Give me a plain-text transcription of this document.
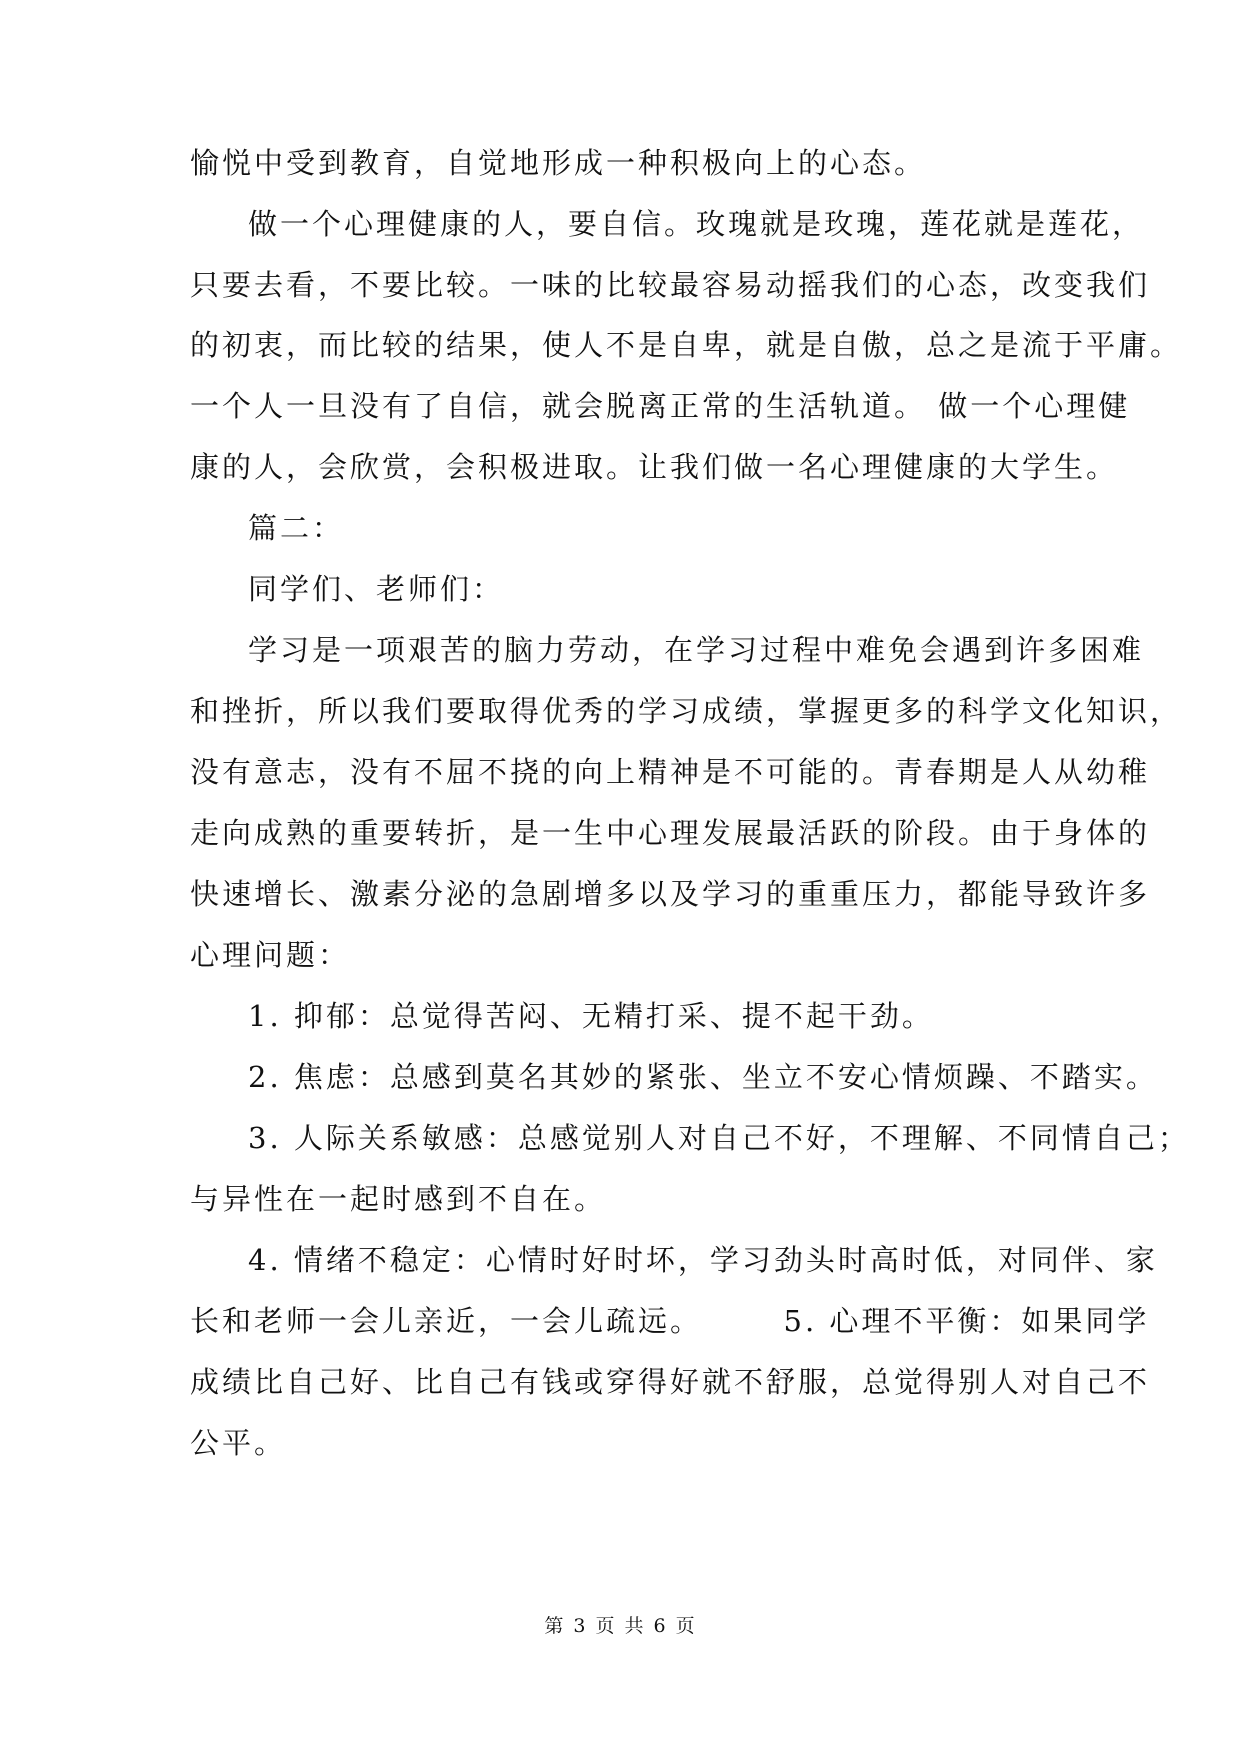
愉悦中受到教育，自觉地形成一种积极向上的心态。
做一个心理健康的人，要自信。玫瑰就是玫瑰，莲花就是莲花，
只要去看，不要比较。一味的比较最容易动摇我们的心态，改变我们
的初衷，而比较的结果，使人不是自卑，就是自傲，总之是流于平庸。
一个人一旦没有了自信，就会脱离正常的生活轨道。 做一个心理健
康的人，会欣赏，会积极进取。让我们做一名心理健康的大学生。
篇二：
同学们、老师们：
学习是一项艰苦的脑力劳动，在学习过程中难免会遇到许多困难
和挫折，所以我们要取得优秀的学习成绩，掌握更多的科学文化知识，
没有意志，没有不屈不挠的向上精神是不可能的。青春期是人从幼稚
走向成熟的重要转折，是一生中心理发展最活跃的阶段。由于身体的
快速增长、激素分泌的急剧增多以及学习的重重压力，都能导致许多
心理问题：
1. 抑郁：总觉得苦闷、无精打采、提不起干劲。
2. 焦虑：总感到莫名其妙的紧张、坐立不安心情烦躁、不踏实。
3. 人际关系敏感：总感觉别人对自己不好，不理解、不同情自己；
与异性在一起时感到不自在。
4. 情绪不稳定：心情时好时坏，学习劲头时高时低，对同伴、家
长和老师一会儿亲近，一会儿疏远。　　　5. 心理不平衡：如果同学
成绩比自己好、比自己有钱或穿得好就不舒服，总觉得别人对自己不
公平。
第 3 页 共 6 页
